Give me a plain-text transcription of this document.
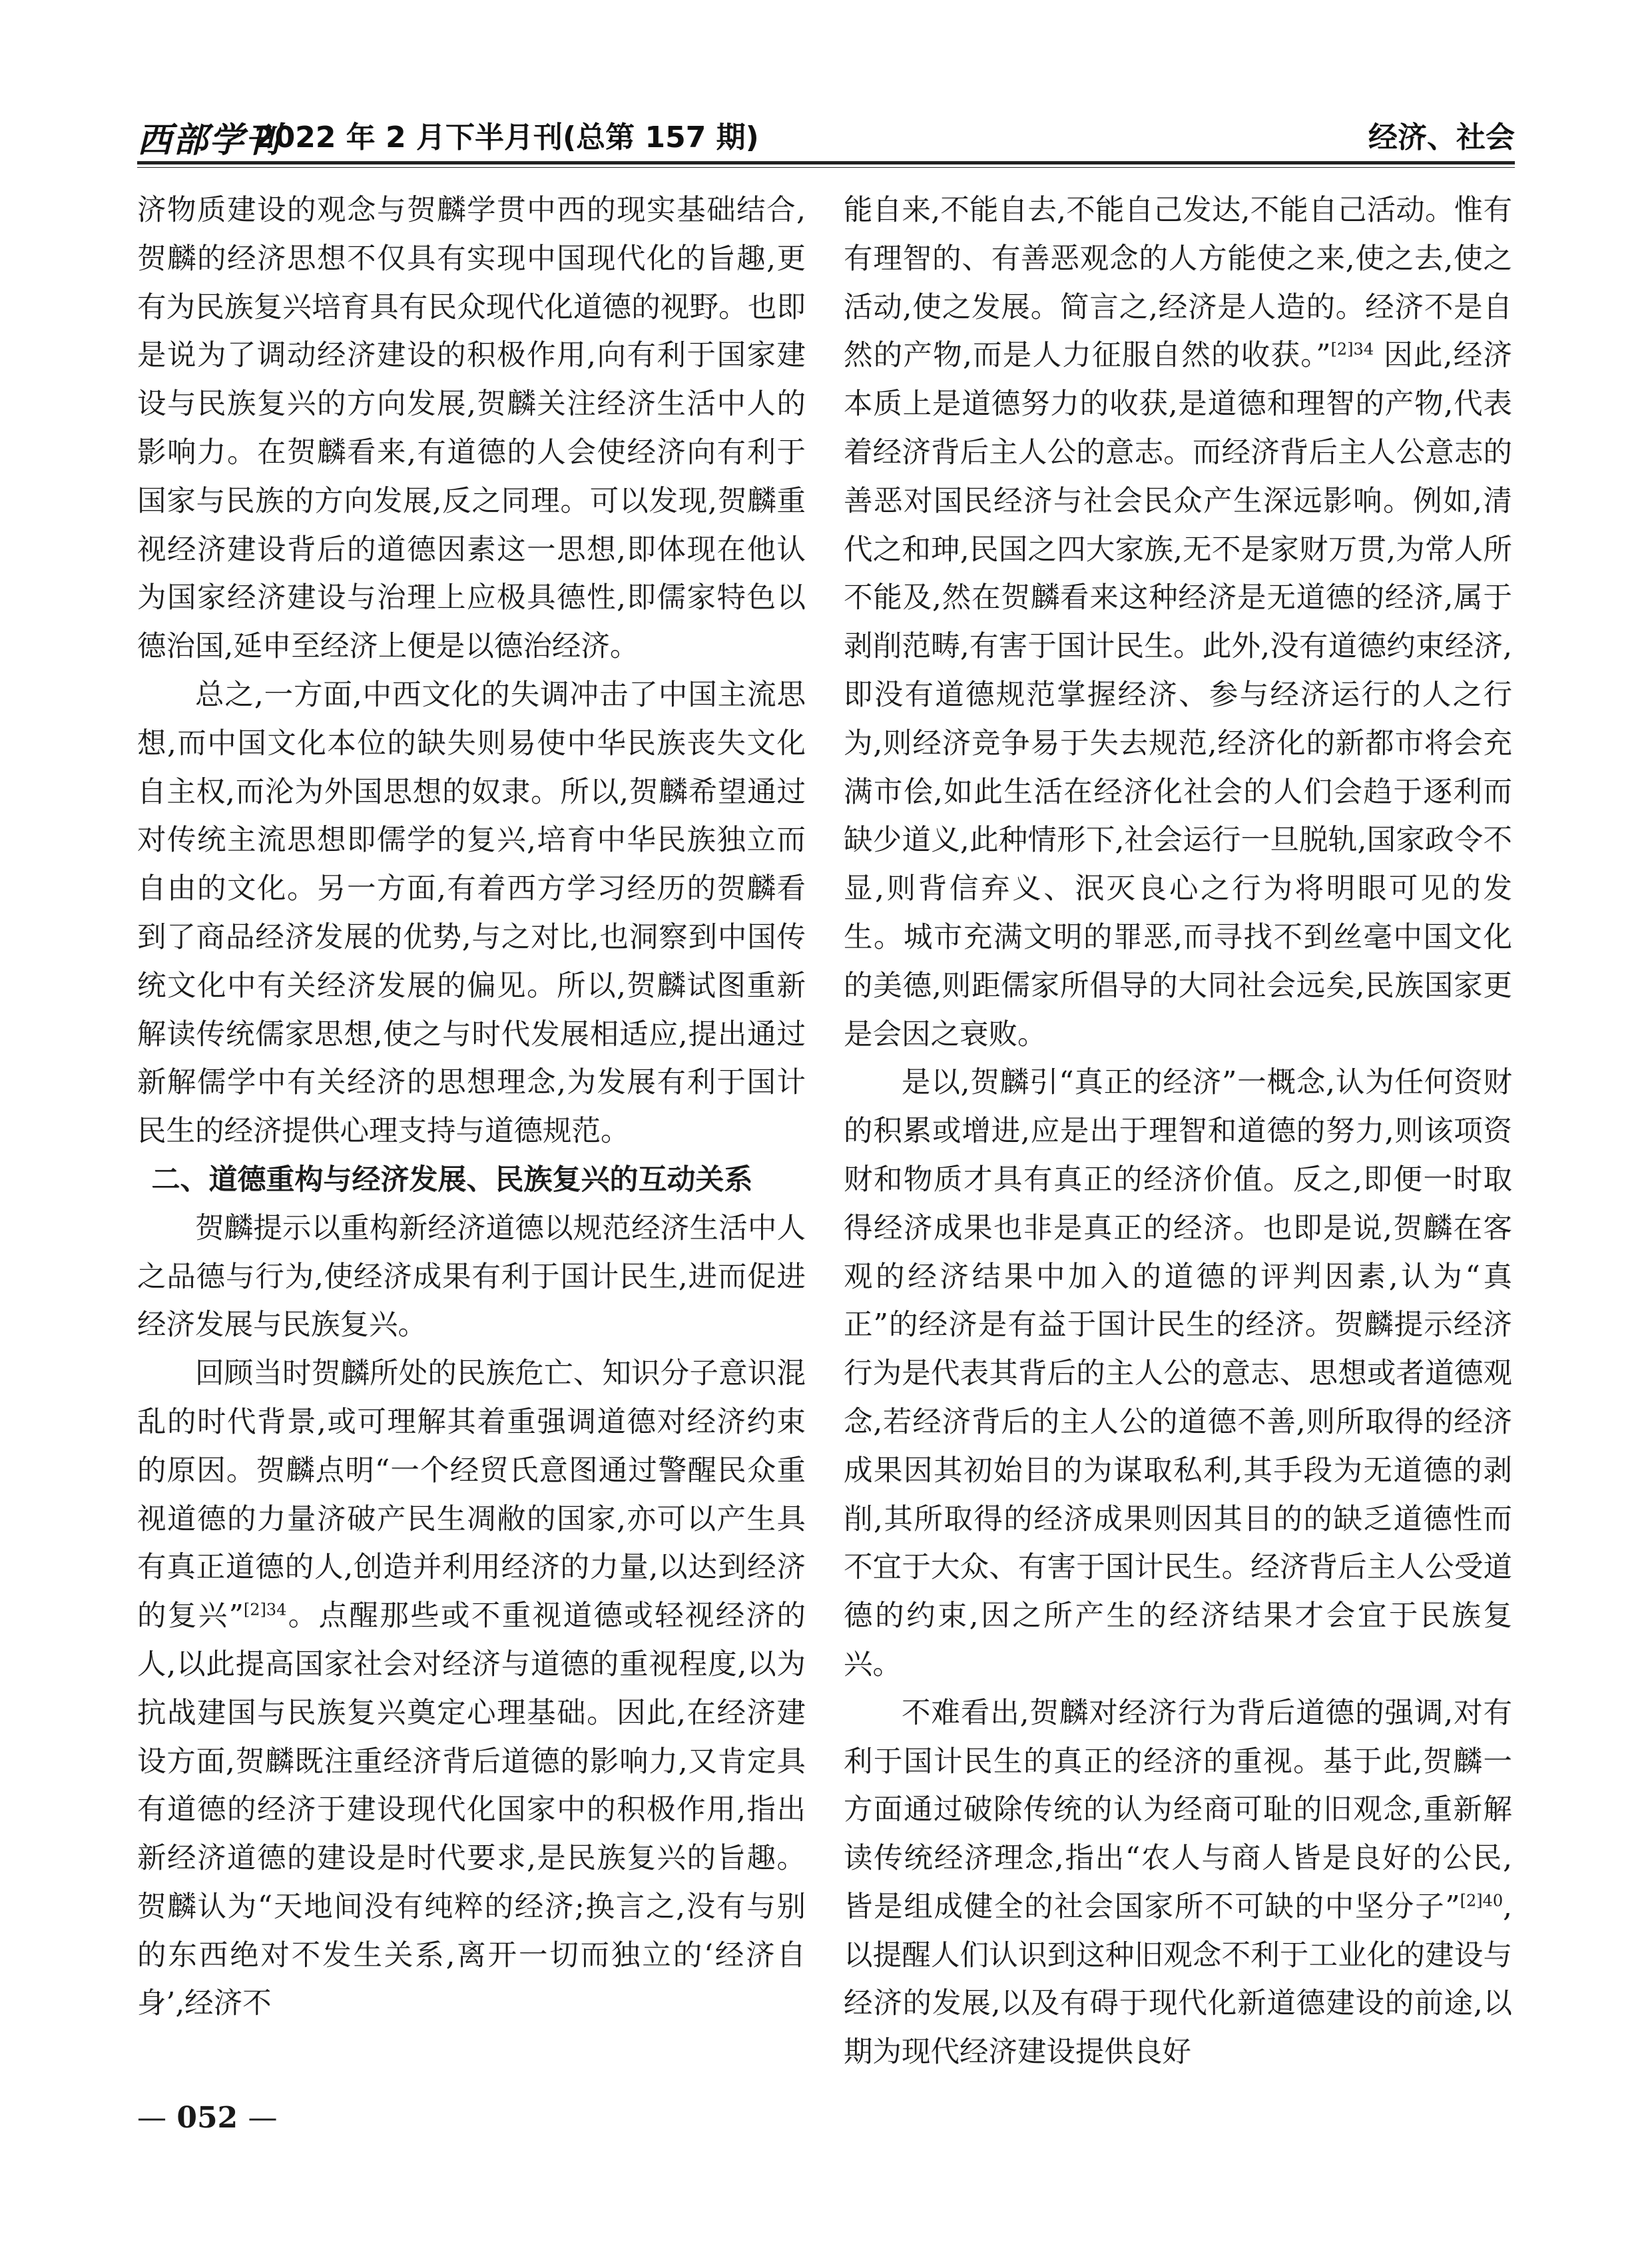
西部学刊
2022 年 2 月下半月刊(总第 157 期)	经济、社会

济物质建设的观念与贺麟学贯中西的现实基础结合,贺麟的经济思想不仅具有实现中国现代化的旨趣,更有为民族复兴培育具有民众现代化道德的视野。也即是说为了调动经济建设的积极作用,向有利于国家建设与民族复兴的方向发展,贺麟关注经济生活中人的影响力。在贺麟看来,有道德的人会使经济向有利于国家与民族的方向发展,反之同理。可以发现,贺麟重视经济建设背后的道德因素这一思想,即体现在他认为国家经济建设与治理上应极具德性,即儒家特色以德治国,延申至经济上便是以德治经济。

总之,一方面,中西文化的失调冲击了中国主流思想,而中国文化本位的缺失则易使中华民族丧失文化自主权,而沦为外国思想的奴隶。所以,贺麟希望通过对传统主流思想即儒学的复兴,培育中华民族独立而自由的文化。另一方面,有着西方学习经历的贺麟看到了商品经济发展的优势,与之对比,也洞察到中国传统文化中有关经济发展的偏见。所以,贺麟试图重新解读传统儒家思想,使之与时代发展相适应,提出通过新解儒学中有关经济的思想理念,为发展有利于国计民生的经济提供心理支持与道德规范。

二、道德重构与经济发展、民族复兴的互动关系

贺麟提示以重构新经济道德以规范经济生活中人之品德与行为,使经济成果有利于国计民生,进而促进经济发展与民族复兴。

回顾当时贺麟所处的民族危亡、知识分子意识混乱的时代背景,或可理解其着重强调道德对经济约束的原因。贺麟点明“一个经贸氏意图通过警醒民众重视道德的力量济破产民生凋敝的国家,亦可以产生具有真正道德的人,创造并利用经济的力量,以达到经济的复兴”$^{[2]34}$。点醒那些或不重视道德或轻视经济的人,以此提高国家社会对经济与道德的重视程度,以为抗战建国与民族复兴奠定心理基础。因此,在经济建设方面,贺麟既注重经济背后道德的影响力,又肯定具有道德的经济于建设现代化国家中的积极作用,指出新经济道德的建设是时代要求,是民族复兴的旨趣。贺麟认为“天地间没有纯粹的经济;换言之,没有与别的东西绝对不发生关系,离开一切而独立的‘经济自身’,经济不

能自来,不能自去,不能自己发达,不能自己活动。惟有有理智的、有善恶观念的人方能使之来,使之去,使之活动,使之发展。简言之,经济是人造的。经济不是自然的产物,而是人力征服自然的收获。”$^{[2]34}$ 因此,经济本质上是道德努力的收获,是道德和理智的产物,代表着经济背后主人公的意志。而经济背后主人公意志的善恶对国民经济与社会民众产生深远影响。例如,清代之和珅,民国之四大家族,无不是家财万贯,为常人所不能及,然在贺麟看来这种经济是无道德的经济,属于剥削范畴,有害于国计民生。此外,没有道德约束经济,即没有道德规范掌握经济、参与经济运行的人之行为,则经济竞争易于失去规范,经济化的新都市将会充满市侩,如此生活在经济化社会的人们会趋于逐利而缺少道义,此种情形下,社会运行一旦脱轨,国家政令不显,则背信弃义、泯灭良心之行为将明眼可见的发生。城市充满文明的罪恶,而寻找不到丝毫中国文化的美德,则距儒家所倡导的大同社会远矣,民族国家更是会因之衰败。

是以,贺麟引“真正的经济”一概念,认为任何资财的积累或增进,应是出于理智和道德的努力,则该项资财和物质才具有真正的经济价值。反之,即便一时取得经济成果也非是真正的经济。也即是说,贺麟在客观的经济结果中加入的道德的评判因素,认为“真正”的经济是有益于国计民生的经济。贺麟提示经济行为是代表其背后的主人公的意志、思想或者道德观念,若经济背后的主人公的道德不善,则所取得的经济成果因其初始目的为谋取私利,其手段为无道德的剥削,其所取得的经济成果则因其目的的缺乏道德性而不宜于大众、有害于国计民生。经济背后主人公受道德的约束,因之所产生的经济结果才会宜于民族复兴。

不难看出,贺麟对经济行为背后道德的强调,对有利于国计民生的真正的经济的重视。基于此,贺麟一方面通过破除传统的认为经商可耻的旧观念,重新解读传统经济理念,指出“农人与商人皆是良好的公民,皆是组成健全的社会国家所不可缺的中坚分子”$^{[2]40}$,以提醒人们认识到这种旧观念不利于工业化的建设与经济的发展,以及有碍于现代化新道德建设的前途,以期为现代经济建设提供良好

— 052 —
